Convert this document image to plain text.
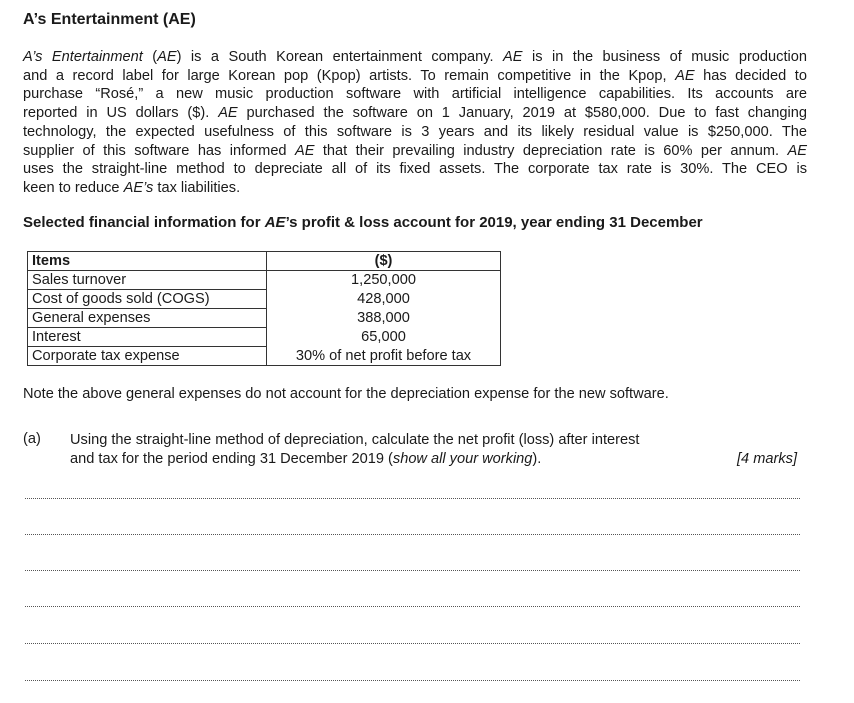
A’s Entertainment (AE)
A’s Entertainment (AE) is a South Korean entertainment company. AE is in the business of music production
and a record label for large Korean pop (Kpop) artists. To remain competitive in the Kpop, AE has decided to
purchase “Rosé,” a new music production software with artificial intelligence capabilities. Its accounts are
reported in US dollars ($). AE purchased the software on 1 January, 2019 at $580,000. Due to fast changing
technology, the expected usefulness of this software is 3 years and its likely residual value is $250,000. The
supplier of this software has informed AE that their prevailing industry depreciation rate is 60% per annum. AE
uses the straight-line method to depreciate all of its fixed assets. The corporate tax rate is 30%. The CEO is
keen to reduce AE’s tax liabilities.
Selected financial information for AE’s profit & loss account for 2019, year ending 31 December
Items	($)
Sales turnover	1,250,000
Cost of goods sold (COGS)	428,000
General expenses	388,000
Interest	65,000
Corporate tax expense	30% of net profit before tax
Note the above general expenses do not account for the depreciation expense for the new software.
(a) Using the straight-line method of depreciation, calculate the net profit (loss) after interest
and tax for the period ending 31 December 2019 (show all your working).	[4 marks]
